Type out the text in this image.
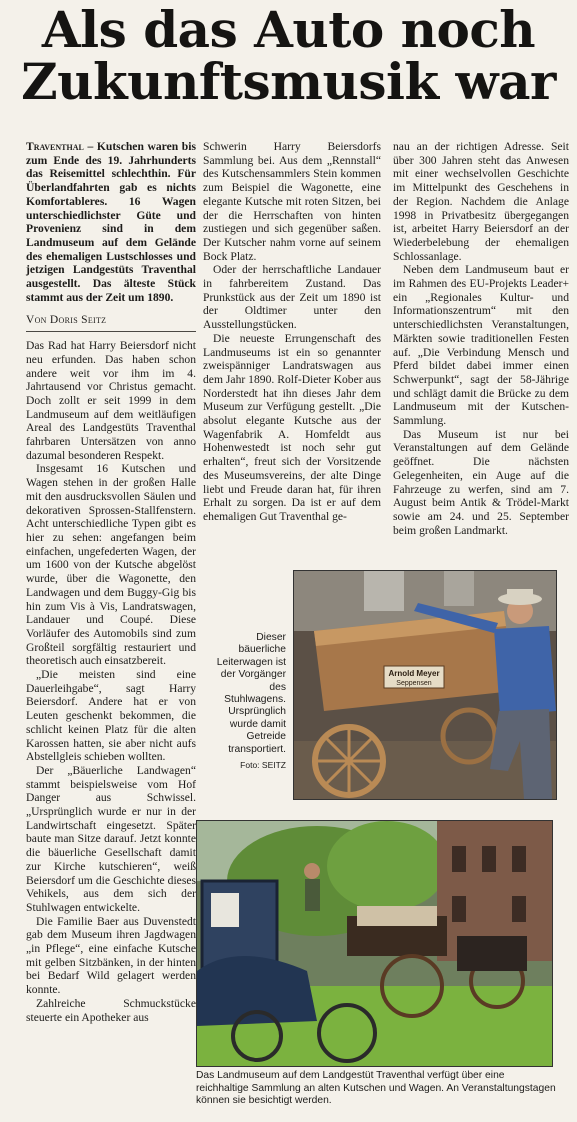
Als das Auto noch
Zukunftsmusik war

Traventhal – Kutschen waren bis zum Ende des 19. Jahrhunderts das Reisemittel schlechthin. Für Überlandfahrten gab es nichts Komfortableres. 16 Wagen unterschiedlichster Güte und Provenienz sind in dem Landmuseum auf dem Gelände des ehemaligen Lustschlosses und jetzigen Landgestüts Traventhal ausgestellt. Das älteste Stück stammt aus der Zeit um 1890.

Von Doris Seitz

Das Rad hat Harry Beiersdorf nicht neu erfunden. Das haben schon andere weit vor ihm im 4. Jahrtausend vor Christus gemacht. Doch zollt er seit 1999 in dem Landmuseum auf dem weitläufigen Areal des Landgestüts Traventhal fahrbaren Untersätzen von anno dazumal besonderen Respekt.

Insgesamt 16 Kutschen und Wagen stehen in der großen Halle mit den ausdrucksvollen Säulen und dekorativen Sprossen-Stallfenstern. Acht unterschiedliche Typen gibt es hier zu sehen: angefangen beim einfachen, ungefederten Wagen, der um 1600 von der Kutsche abgelöst wurde, über die Wagonette, den Landwagen und dem Buggy-Gig bis hin zum Vis à Vis, Landratswagen, Landauer und Coupé. Diese Vorläufer des Automobils sind zum Großteil sorgfältig restauriert und theoretisch auch einsatzbereit.

„Die meisten sind eine Dauerleihgabe“, sagt Harry Beiersdorf. Andere hat er von Leuten geschenkt bekommen, die schlicht keinen Platz für die alten Karossen hatten, sie aber nicht aufs Abstellgleis schieben wollten.

Der „Bäuerliche Landwagen“ stammt beispielsweise vom Hof Danger aus Schwissel. „Ursprünglich wurde er nur in der Landwirtschaft eingesetzt. Später baute man Sitze darauf. Jetzt konnte die bäuerliche Gesellschaft damit zur Kirche kutschieren“, weiß Beiersdorf um die Geschichte dieses Vehikels, aus dem sich der Stuhlwagen entwickelte.

Die Familie Baer aus Duvenstedt gab dem Museum ihren Jagdwagen „in Pflege“, eine einfache Kutsche mit gelben Sitzbänken, in der hinten bei Bedarf Wild gelagert werden konnte.

Zahlreiche Schmuckstücke steuerte ein Apotheker aus

Schwerin Harry Beiersdorfs Sammlung bei. Aus dem „Rennstall“ des Kutschensammlers Stein kommen zum Beispiel die Wagonette, eine elegante Kutsche mit roten Sitzen, bei der die Herrschaften von hinten zustiegen und sich gegenüber saßen. Der Kutscher nahm vorne auf seinem Bock Platz.

Oder der herrschaftliche Landauer in fahrbereitem Zustand. Das Prunkstück aus der Zeit um 1890 ist der Oldtimer unter den Ausstellungstücken.

Die neueste Errungenschaft des Landmuseums ist ein so genannter zweispänniger Landratswagen aus dem Jahr 1890. Rolf-Dieter Kober aus Norderstedt hat ihn dieses Jahr dem Museum zur Verfügung gestellt. „Die absolut elegante Kutsche aus der Wagenfabrik A. Homfeldt aus Hohenwestedt ist noch sehr gut erhalten“, freut sich der Vorsitzende des Museumsvereins, der alte Dinge liebt und Freude daran hat, für ihren Erhalt zu sorgen. Da ist er auf dem ehemaligen Gut Traventhal ge-

nau an der richtigen Adresse. Seit über 300 Jahren steht das Anwesen mit einer wechselvollen Geschichte im Mittelpunkt des Geschehens in der Region. Nachdem die Anlage 1998 in Privatbesitz übergegangen ist, arbeitet Harry Beiersdorf an der Wiederbelebung der ehemaligen Schlossanlage.

Neben dem Landmuseum baut er im Rahmen des EU-Projekts Leader+ ein „Regionales Kultur- und Informationszentrum“ mit den unterschiedlichsten Veranstaltungen, Märkten sowie traditionellen Festen auf. „Die Verbindung Mensch und Pferd bildet dabei immer einen Schwerpunkt“, sagt der 58-Jährige und schlägt damit die Brücke zu dem Landmuseum mit der Kutschen-Sammlung.

Das Museum ist nur bei Veranstaltungen auf dem Gelände geöffnet. Die nächsten Gelegenheiten, ein Auge auf die Fahrzeuge zu werfen, sind am 7. August beim Antik & Trödel-Markt sowie am 24. und 25. September beim großen Landmarkt.

Arnold Meyer
Seppensen
Dieser bäuerliche Leiterwagen ist der Vorgänger des Stuhlwagens. Ursprünglich wurde damit Getreide transportiert.
Foto: SEITZ
Das Landmuseum auf dem Landgestüt Traventhal verfügt über eine reichhaltige Sammlung an alten Kutschen und Wagen. An Veranstaltungstagen können sie besichtigt werden.
